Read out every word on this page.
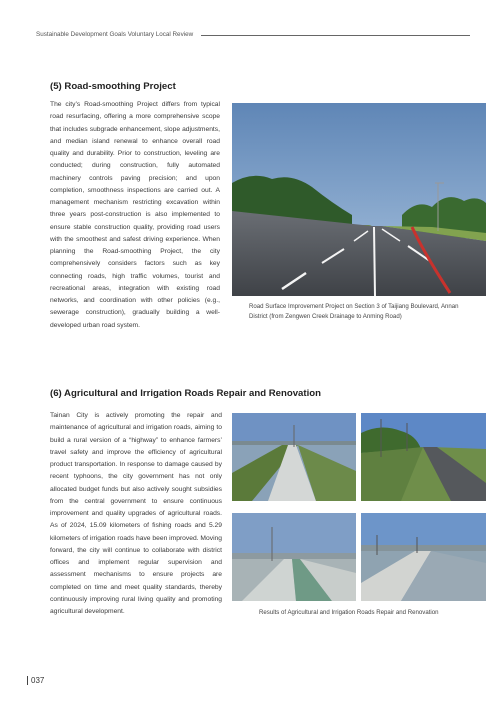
Sustainable Development Goals Voluntary Local Review
(5) Road-smoothing Project

The city’s Road-smoothing Project differs from typical road resurfacing, offering a more comprehensive scope that includes subgrade enhancement, slope adjustments, and median island renewal to enhance overall road quality and durability. Prior to construction, leveling are conducted; during construction, fully automated machinery controls paving precision; and upon completion, smoothness inspections are carried out. A management mechanism restricting excavation within three years post-construction is also implemented to ensure stable construction quality, providing road users with the smoothest and safest driving experience. When planning the Road-smoothing Project, the city comprehensively considers factors such as key connecting roads, high traffic volumes, tourist and recreational areas, integration with existing road networks, and coordination with other policies (e.g., sewerage construction), gradually building a well-developed urban road system.

Road Surface Improvement Project on Section 3 of Taijiang Boulevard, Annan District (from Zengwen Creek Drainage to Anming Road)

(6) Agricultural and Irrigation Roads Repair and Renovation

Tainan City is actively promoting the repair and maintenance of agricultural and irrigation roads, aiming to build a rural version of a “highway” to enhance farmers’ travel safety and improve the efficiency of agricultural product transportation. In response to damage caused by recent typhoons, the city government has not only allocated budget funds but also actively sought subsidies from the central government to ensure continuous improvement and quality upgrades of agricultural roads. As of 2024, 15.09 kilometers of fishing roads and 5.29 kilometers of irrigation roads have been improved. Moving forward, the city will continue to collaborate with district offices and implement regular supervision and assessment mechanisms to ensure projects are completed on time and meet quality standards, thereby continuously improving rural living quality and promoting agricultural development.	Results of Agricultural and Irrigation Roads Repair and Renovation

037
